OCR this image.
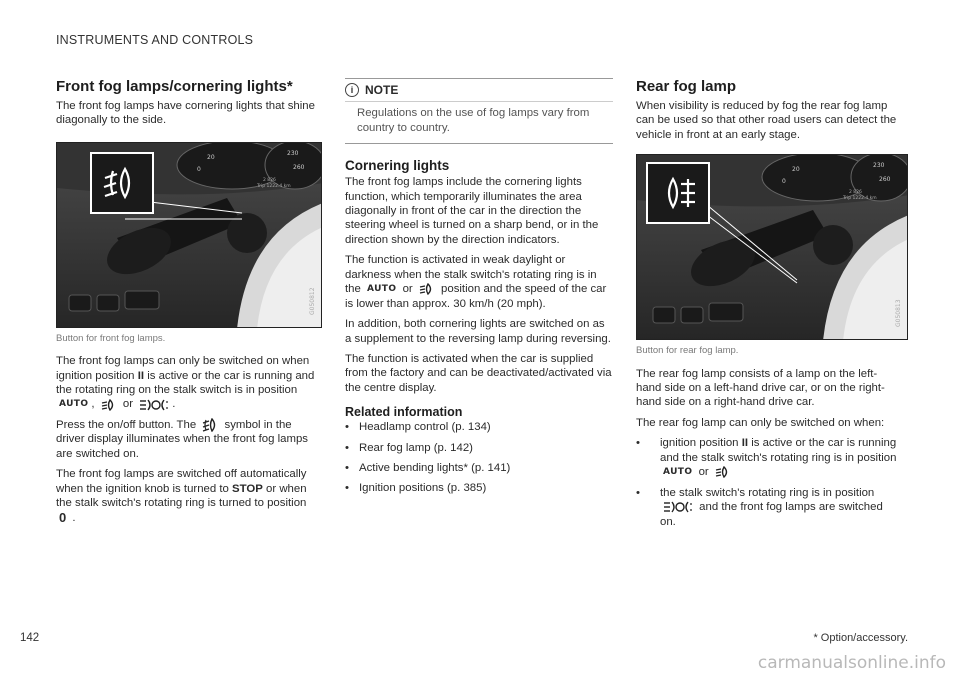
INSTRUMENTS AND CONTROLS
Front fog lamps/cornering lights*

The front fog lamps have cornering lights that shine diagonally to the side.

20
230
0	260
2 826
Trip 1222.4 km
G050812
Button for front fog lamps.

The front fog lamps can only be switched on when ignition position II is active or the car is running and the rotating ring on the stalk switch is in position AUTO ,  or	.

Press the on/off button. The  symbol in the driver display illuminates when the front fog lamps are switched on.

The front fog lamps are switched off automatically when the ignition knob is turned to STOP or when the stalk switch's rotating ring is turned to position 0 .

i NOTE
Regulations on the use of fog lamps vary from country to country.
Cornering lights

The front fog lamps include the cornering lights function, which temporarily illuminates the area diagonally in front of the car in the direction the steering wheel is turned on a sharp bend, or in the direction shown by the direction indicators.

The function is activated in weak daylight or darkness when the stalk switch's rotating ring is in the AUTO or  position and the speed of the car is lower than approx. 30 km/h (20 mph).

In addition, both cornering lights are switched on as a supplement to the reversing lamp during reversing.

The function is activated when the car is supplied from the factory and can be deactivated/activated via the centre display.

Related information
• Headlamp control (p. 134)
• Rear fog lamp (p. 142)
• Active bending lights* (p. 141)
• Ignition positions (p. 385)
Rear fog lamp

When visibility is reduced by fog the rear fog lamp can be used so that other road users can detect the vehicle in front at an early stage.

20
230
0	260
2 826
Trip 1222.4 km
G050813
Button for rear fog lamp.

The rear fog lamp consists of a lamp on the left-hand side on a left-hand drive car, or on the right-hand side on a right-hand drive car.

The rear fog lamp can only be switched on when:

• ignition position II is active or the car is running and the stalk switch's rotating ring is in position AUTO or
• the stalk switch's rotating ring is in position  and the front fog lamps are switched on.
142	* Option/accessory.
carmanualsonline.info
